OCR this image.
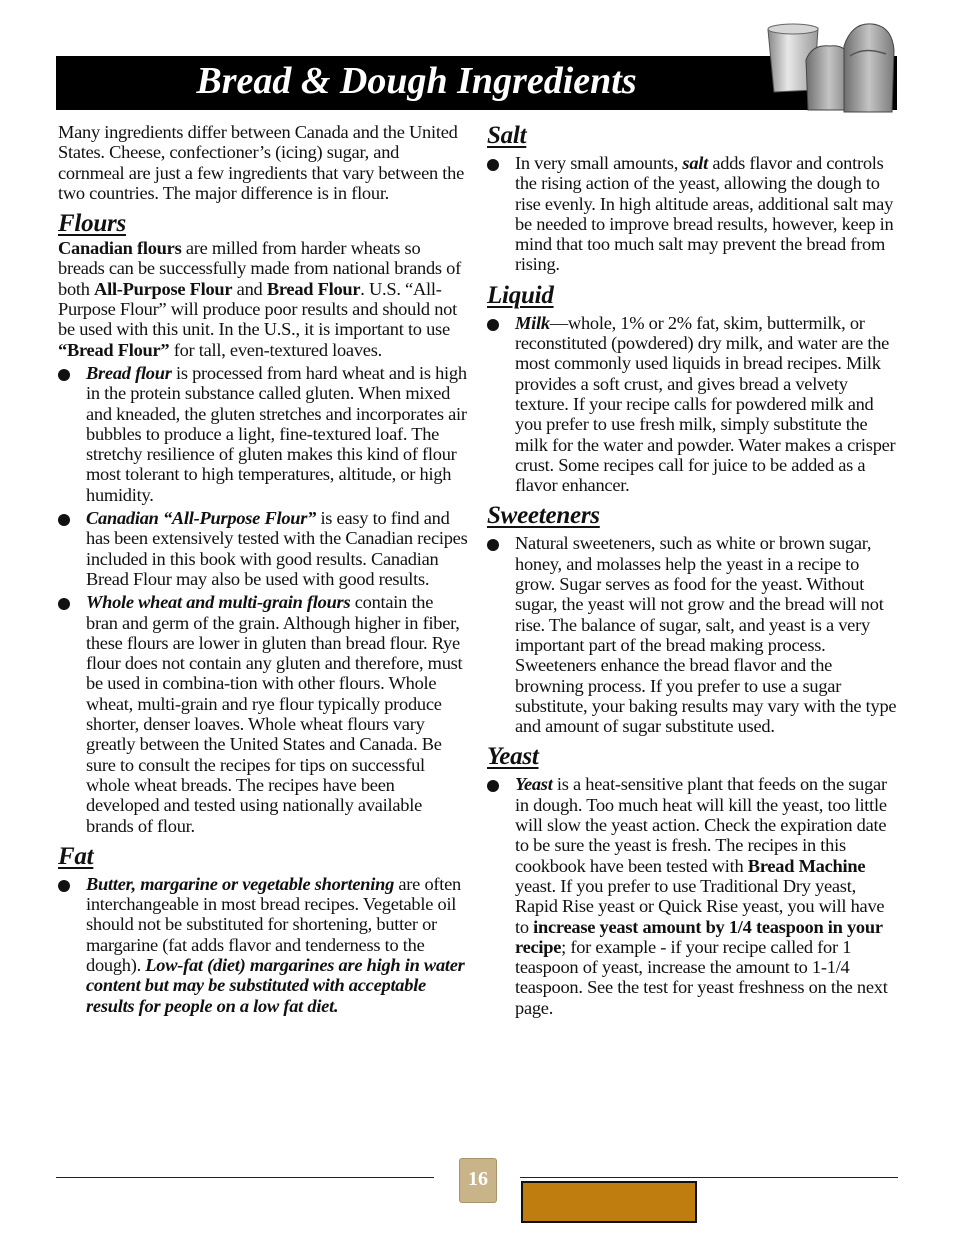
Bread & Dough Ingredients

Many ingredients differ between Canada and the United States. Cheese, confectioner’s (icing) sugar, and cornmeal are just a few ingredients that vary between the two countries. The major difference is in flour.

Flours

Canadian flours are milled from harder wheats so breads can be successfully made from national brands of both All-Purpose Flour and Bread Flour. U.S. “All-Purpose Flour” will produce poor results and should not be used with this unit. In the U.S., it is important to use “Bread Flour” for tall, even-textured loaves.

Bread flour is processed from hard wheat and is high in the protein substance called gluten. When mixed and kneaded, the gluten stretches and incorporates air bubbles to produce a light, fine-textured loaf. The stretchy resilience of gluten makes this kind of flour most tolerant to high temperatures, altitude, or high humidity.
Canadian “All-Purpose Flour” is easy to find and has been extensively tested with the Canadian recipes included in this book with good results. Canadian Bread Flour may also be used with good results.
Whole wheat and multi-grain flours contain the bran and germ of the grain. Although higher in fiber, these flours are lower in gluten than bread flour. Rye flour does not contain any gluten and therefore, must be used in combina-tion with other flours. Whole wheat, multi-grain and rye flour typically produce shorter, denser loaves. Whole wheat flours vary greatly between the United States and Canada. Be sure to consult the recipes for tips on successful whole wheat breads. The recipes have been developed and tested using nationally available brands of flour.
Fat
Butter, margarine or vegetable shortening are often interchangeable in most bread recipes. Vegetable oil should not be substituted for shortening, butter or margarine (fat adds flavor and tenderness to the dough). Low-fat (diet) margarines are high in water content but may be substituted with acceptable results for people on a low fat diet.
Salt
In very small amounts, salt adds flavor and controls the rising action of the yeast, allowing the dough to rise evenly. In high altitude areas, additional salt may be needed to improve bread results, however, keep in mind that too much salt may prevent the bread from rising.
Liquid
Milk—whole, 1% or 2% fat, skim, buttermilk, or reconstituted (powdered) dry milk, and water are the most commonly used liquids in bread recipes. Milk provides a soft crust, and gives bread a velvety texture. If your recipe calls for powdered milk and you prefer to use fresh milk, simply substitute the milk for the water and powder. Water makes a crisper crust. Some recipes call for juice to be added as a flavor enhancer.
Sweeteners
Natural sweeteners, such as white or brown sugar, honey, and molasses help the yeast in a recipe to grow. Sugar serves as food for the yeast. Without sugar, the yeast will not grow and the bread will not rise. The balance of sugar, salt, and yeast is a very important part of the bread making process. Sweeteners enhance the bread flavor and the browning process. If you prefer to use a sugar substitute, your baking results may vary with the type and amount of sugar substitute used.
Yeast
Yeast is a heat-sensitive plant that feeds on the sugar in dough. Too much heat will kill the yeast, too little will slow the yeast action. Check the expiration date to be sure the yeast is fresh. The recipes in this cookbook have been tested with Bread Machine yeast. If you prefer to use Traditional Dry yeast, Rapid Rise yeast or Quick Rise yeast, you will have to increase yeast amount by 1/4 teaspoon in your recipe; for example - if your recipe called for 1 teaspoon of yeast, increase the amount to 1-1/4 teaspoon. See the test for yeast freshness on the next page.
16
